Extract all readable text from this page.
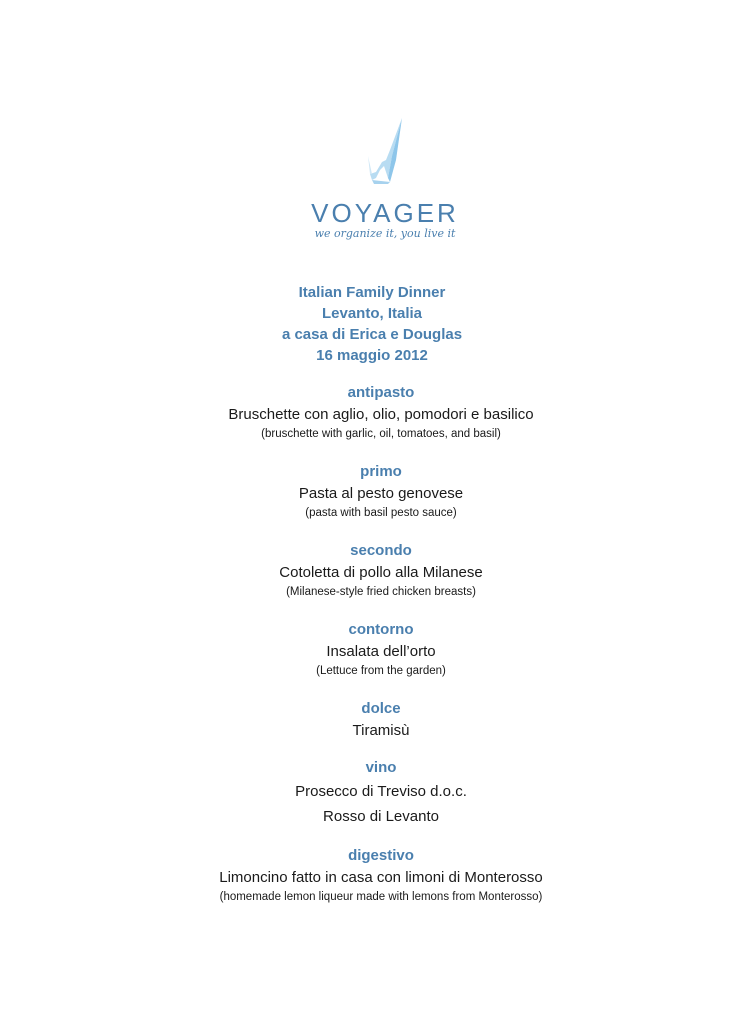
VOYAGER
we organize it, you live it
Italian Family Dinner
Levanto, Italia
a casa di Erica e Douglas
16 maggio 2012
antipasto
Bruschette con aglio, olio, pomodori e basilico
(bruschette with garlic, oil, tomatoes, and basil)
primo
Pasta al pesto genovese
(pasta with basil pesto sauce)
secondo
Cotoletta di pollo alla Milanese
(Milanese-style fried chicken breasts)
contorno
Insalata dell’orto
(Lettuce from the garden)
dolce
Tiramisù
vino
Prosecco di Treviso d.o.c.
Rosso di Levanto
digestivo
Limoncino fatto in casa con limoni di Monterosso
(homemade lemon liqueur made with lemons from Monterosso)
